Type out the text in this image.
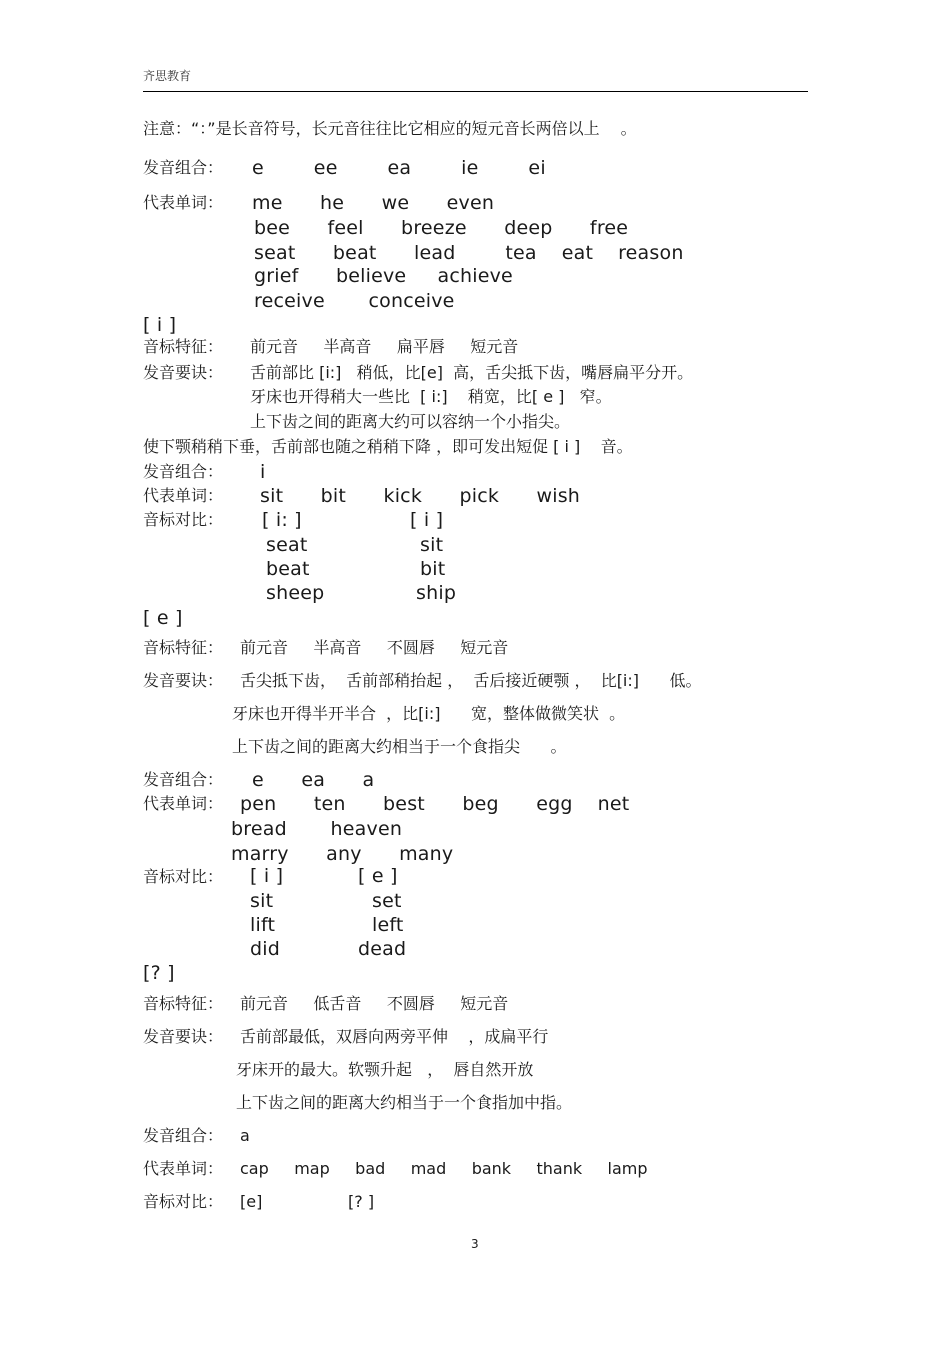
齐思教育
注意：“：”是长音符号，长元音往往比它相应的短元音长两倍以上 　。
发音组合： e        ee        ea        ie        ei
代表单词： me      he      we      even
bee      feel      breeze      deep      free
seat      beat      lead        tea    eat    reason
grief      believe     achieve
receive       conceive
[ i ]
音标特征： 前元音     半高音     扁平唇     短元音
发音要诀： 舌前部比 [i:]   稍低，比[e]  高，舌尖抵下齿，嘴唇扁平分开。
牙床也开得稍大一些比  [ i:]    稍宽，比[ e ]   窄。
上下齿之间的距离大约可以容纳一个小指尖。
使下颚稍稍下垂，舌前部也随之稍稍下降 ，即可发出短促 [ i ]    音。
发音组合： i
代表单词： sit      bit      kick      pick      wish
音标对比： [ i: ]	[ i ]
seat	sit
beat	bit
sheep	ship
[ e ]
音标特征： 前元音     半高音     不圆唇     短元音
发音要诀： 舌尖抵下齿，  舌前部稍抬起 ，  舌后接近硬颚 ，  比[i:]      低。
牙床也开得半开半合  ，比[i:]      宽，整体做微笑状  。
上下齿之间的距离大约相当于一个食指尖      。
发音组合： e      ea      a
代表单词： pen      ten      best      beg      egg    net
bread       heaven
marry      any      many
音标对比： [ i ]	[ e ]
sit	set
lift	left
did	dead
[? ]
音标特征： 前元音     低舌音     不圆唇     短元音
发音要诀： 舌前部最低，双唇向两旁平伸    ，成扁平行
牙床开的最大。软颚升起   ，  唇自然开放
上下齿之间的距离大约相当于一个食指加中指。
发音组合： a
代表单词： cap     map     bad     mad     bank     thank     lamp
音标对比： [e]	[? ]
3
